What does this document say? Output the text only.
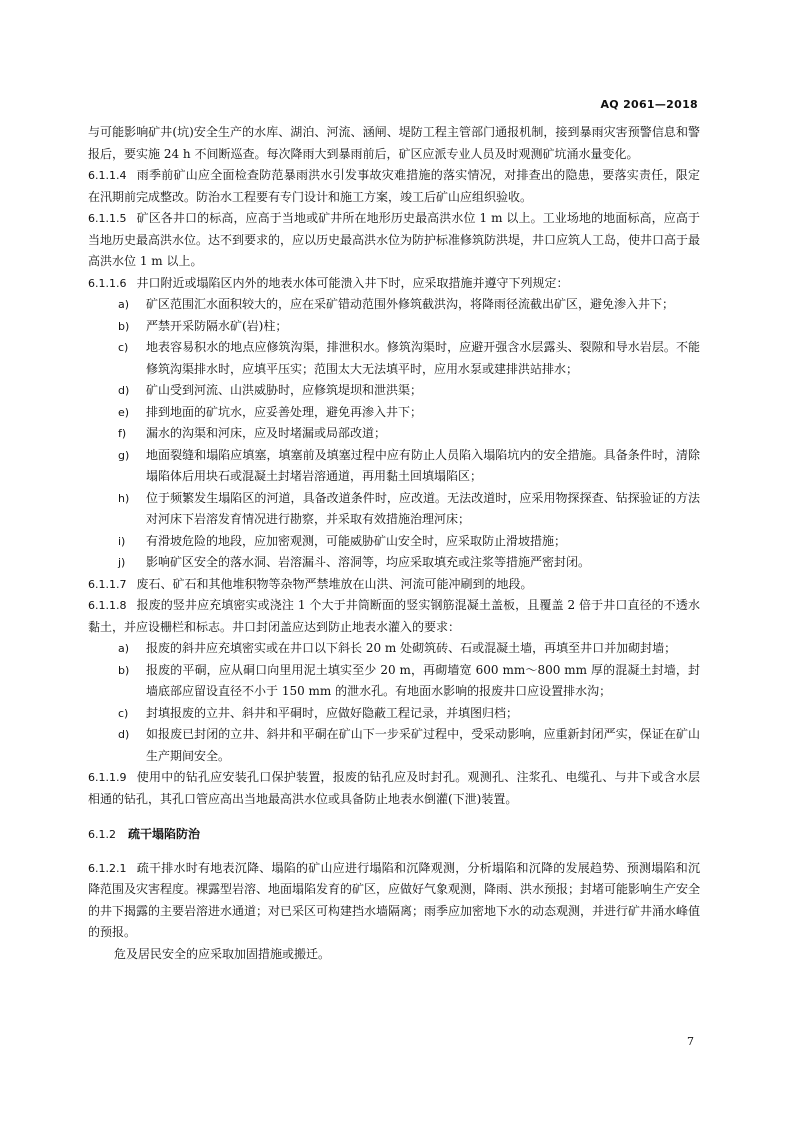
AQ 2061—2018

与可能影响矿井(坑)安全生产的水库、湖泊、河流、涵闸、堤防工程主管部门通报机制，接到暴雨灾害预警信息和警报后，要实施 24 h 不间断巡查。每次降雨大到暴雨前后，矿区应派专业人员及时观测矿坑涌水量变化。

6.1.1.4 雨季前矿山应全面检查防范暴雨洪水引发事故灾难措施的落实情况，对排查出的隐患，要落实责任，限定在汛期前完成整改。防治水工程要有专门设计和施工方案，竣工后矿山应组织验收。

6.1.1.5 矿区各井口的标高，应高于当地或矿井所在地形历史最高洪水位 1 m 以上。工业场地的地面标高，应高于当地历史最高洪水位。达不到要求的，应以历史最高洪水位为防护标准修筑防洪堤，井口应筑人工岛，使井口高于最高洪水位 1 m 以上。

6.1.1.6 井口附近或塌陷区内外的地表水体可能溃入井下时，应采取措施并遵守下列规定：

a) 矿区范围汇水面积较大的，应在采矿错动范围外修筑截洪沟，将降雨径流截出矿区，避免渗入井下；

b) 严禁开采防隔水矿(岩)柱；

c) 地表容易积水的地点应修筑沟渠，排泄积水。修筑沟渠时，应避开强含水层露头、裂隙和导水岩层。不能修筑沟渠排水时，应填平压实；范围太大无法填平时，应用水泵或建排洪站排水；

d) 矿山受到河流、山洪威胁时，应修筑堤坝和泄洪渠；

e) 排到地面的矿坑水，应妥善处理，避免再渗入井下；

f) 漏水的沟渠和河床，应及时堵漏或局部改道；

g) 地面裂缝和塌陷应填塞，填塞前及填塞过程中应有防止人员陷入塌陷坑内的安全措施。具备条件时，清除塌陷体后用块石或混凝土封堵岩溶通道，再用黏土回填塌陷区；

h) 位于频繁发生塌陷区的河道，具备改道条件时，应改道。无法改道时，应采用物探探查、钻探验证的方法对河床下岩溶发育情况进行勘察，并采取有效措施治理河床；

i) 有滑坡危险的地段，应加密观测，可能威胁矿山安全时，应采取防止滑坡措施；

j) 影响矿区安全的落水洞、岩溶漏斗、溶洞等，均应采取填充或注浆等措施严密封闭。

6.1.1.7 废石、矿石和其他堆积物等杂物严禁堆放在山洪、河流可能冲刷到的地段。

6.1.1.8 报废的竖井应充填密实或浇注 1 个大于井筒断面的竖实钢筋混凝土盖板，且覆盖 2 倍于井口直径的不透水黏土，并应设栅栏和标志。井口封闭盖应达到防止地表水灌入的要求：

a) 报废的斜井应充填密实或在井口以下斜长 20 m 处砌筑砖、石或混凝土墙，再填至井口并加砌封墙；

b) 报废的平硐，应从硐口向里用泥土填实至少 20 m，再砌墙宽 600 mm～800 mm 厚的混凝土封墙，封墙底部应留设直径不小于 150 mm 的泄水孔。有地面水影响的报废井口应设置排水沟；

c) 封填报废的立井、斜井和平硐时，应做好隐蔽工程记录，并填图归档；

d) 如报废已封闭的立井、斜井和平硐在矿山下一步采矿过程中，受采动影响，应重新封闭严实，保证在矿山生产期间安全。

6.1.1.9 使用中的钻孔应安装孔口保护装置，报废的钻孔应及时封孔。观测孔、注浆孔、电缆孔、与井下或含水层相通的钻孔，其孔口管应高出当地最高洪水位或具备防止地表水倒灌(下泄)装置。

6.1.2 疏干塌陷防治

6.1.2.1 疏干排水时有地表沉降、塌陷的矿山应进行塌陷和沉降观测，分析塌陷和沉降的发展趋势、预测塌陷和沉降范围及灾害程度。裸露型岩溶、地面塌陷发育的矿区，应做好气象观测，降雨、洪水预报；封堵可能影响生产安全的井下揭露的主要岩溶进水通道；对已采区可构建挡水墙隔离；雨季应加密地下水的动态观测，并进行矿井涌水峰值的预报。

危及居民安全的应采取加固措施或搬迁。

7
